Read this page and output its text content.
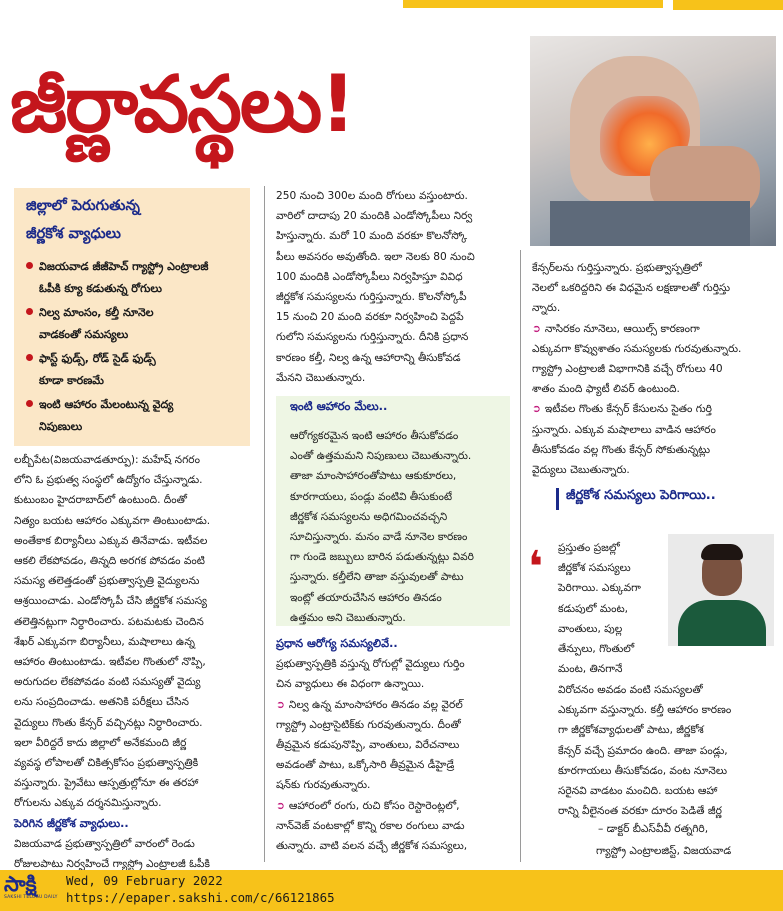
జీర్ణావస్థలు!
జిల్లాలో పెరుగుతున్న
జీర్ణకోశ వ్యాధులు
విజయవాడ జీజీహెచ్ గ్యాస్ట్రో ఎంట్రాలజీ
ఓపీకి క్యూ కడుతున్న రోగులు
నిల్వ మాంసం, కల్తీ నూనెల
వాడకంతో సమస్యలు
ఫాస్ట్ ఫుడ్స్, రోడ్ సైడ్ ఫుడ్స్
కూడా కారణమే
ఇంటి ఆహారం మేలంటున్న వైద్య
నిపుణులు

లబ్బీపేట(విజయవాడతూర్పు): మహేష్ నగరం

లోని ఓ ప్రభుత్వ సంస్థలో ఉద్యోగం చేస్తున్నాడు.

కుటుంబం హైదరాబాద్‌లో ఉంటుంది. దీంతో

నిత్యం బయట ఆహారం ఎక్కువగా తింటుంటాడు.

అంతేకాక బిర్యానీలు ఎక్కువ తినేవాడు. ఇటీవల

ఆకలి లేకపోవడం, తిన్నది అరగక పోవడం వంటి

సమస్య తలెత్తడంతో ప్రభుత్వాస్పత్రి వైద్యులను

ఆశ్రయించాడు. ఎండోస్కోపీ చేసి జీర్ణకోశ సమస్య

తలెత్తినట్లుగా నిర్ధారించారు. పటమటకు చెందిన

శేఖర్ ఎక్కువగా బిర్యానీలు, మషాలాలు ఉన్న

ఆహారం తింటుంటాడు. ఇటీవల గొంతులో నొప్పి,

అరుగుదల లేకపోవడం వంటి సమస్యతో వైద్యు

లను సంప్రదించాడు. అతనికి పరీక్షలు చేసిన

వైద్యులు గొంతు కేన్సర్ వచ్చినట్లు నిర్ధారించారు.

ఇలా వీరిద్దరే కాదు జిల్లాలో అనేకమంది జీర్ణ

వ్యవస్థ లోపాలతో చికిత్సకోసం ప్రభుత్వాస్పత్రికి

వస్తున్నారు. ప్రైవేటు ఆస్పత్రుల్లోనూ ఈ తరహా

రోగులను ఎక్కువ దర్శనమిస్తున్నారు.

పెరిగిన జీర్ణకోశ వ్యాధులు..

విజయవాడ ప్రభుత్వాస్పత్రిలో వారంలో రెండు

రోజులపాటు నిర్వహించే గ్యాస్ట్రో ఎంట్రాలజీ ఓపీకి

250 నుంచి 300ల మంది రోగులు వస్తుంటారు.

వారిలో దాదాపు 20 మందికి ఎండోస్కోపీలు నిర్వ

హిస్తున్నారు. మరో 10 మంది వరకూ కొలనోస్కో

పీలు అవసరం అవుతోంది. ఇలా నెలకు 80 నుంచి

100 మందికి ఎండోస్కోపీలు నిర్వహిస్తూ వివిధ

జీర్ణకోశ సమస్యలను గుర్తిస్తున్నారు. కొలనోస్కోపీ

15 నుంచి 20 మంది వరకూ నిర్వహించి పెద్దపే

గులోని సమస్యలను గుర్తిస్తున్నారు. దీనికి ప్రధాన

కారణం కల్తీ, నిల్వ ఉన్న ఆహారాన్ని తీసుకోవడ

మేనని చెబుతున్నారు.

ఇంటి ఆహారం మేలు..
ఆరోగ్యకరమైన ఇంటి ఆహారం తీసుకోవడం
ఎంతో ఉత్తమమని నిపుణులు చెబుతున్నారు.
తాజా మాంసాహారంతోపాటు ఆకుకూరలు,
కూరగాయలు, పండ్లు వంటివి తీసుకుంటే
జీర్ణకోశ సమస్యలను అధిగమించవచ్చని
సూచిస్తున్నారు. మనం వాడే నూనెల కారణం
గా గుండె జబ్బులు బారిన పడుతున్నట్లు వివరి
స్తున్నారు. కల్తీలేని తాజా వస్తువులతో పాటు
ఇంట్లో తయారుచేసిన ఆహారం తినడం
ఉత్తమం అని చెబుతున్నారు.

ప్రధాన ఆరోగ్య సమస్యలివే..

ప్రభుత్వాస్పత్రికి వస్తున్న రోగుల్లో వైద్యులు గుర్తిం

చిన వ్యాధులు ఈ విధంగా ఉన్నాయి.

➲ నిల్వ ఉన్న మాంసాహారం తినడం వల్ల వైరల్

గ్యాస్ట్రో ఎంట్రాసైటిక్‌కు గురవుతున్నారు. దీంతో

తీవ్రమైన కడుపునొప్పి, వాంతులు, విరేచనాలు

అవడంతో పాటు, ఒక్కోసారి తీవ్రమైన డీహైడ్రే

షన్‌కు గురవుతున్నారు.

➲ ఆహారంలో రంగు, రుచి కోసం రెస్టారెంట్లలో,

నాన్‌వెజ్ వంటకాల్లో కొన్ని రకాల రంగులు వాడు

తున్నారు. వాటి వలన వచ్చే జీర్ణకోశ సమస్యలు,

కేన్సర్‌లను గుర్తిస్తున్నారు. ప్రభుత్వాస్పత్రిలో

నెలలో ఒకరిద్దరిని ఈ విధమైన లక్షణాలతో గుర్తిస్తు

న్నారు.

➲ నాసిరకం నూనెలు, ఆయిల్స్ కారణంగా

ఎక్కువగా కొవ్వుశాతం సమస్యలకు గురవుతున్నారు.

గ్యాస్ట్రో ఎంట్రాలజీ విభాగానికి వచ్చే రోగులు 40

శాతం మంది ఫ్యాటీ లివర్ ఉంటుంది.

➲ ఇటీవల గొంతు కేన్సర్ కేసులను సైతం గుర్తి

స్తున్నారు. ఎక్కువ మషాలాలు వాడిన ఆహారం

తీసుకోవడం వల్ల గొంతు కేన్సర్ సోకుతున్నట్లు

వైద్యులు చెబుతున్నారు.

జీర్ణకోశ సమస్యలు పెరిగాయి..
❛	ప్రస్తుతం ప్రజల్లో

జీర్ణకోశ సమస్యలు

పెరిగాయి. ఎక్కువగా

కడుపులో మంట,

వాంతులు, పుల్ల

తేన్పులు, గొంతులో

మంట, తినగానే

విరోచనం అవడం వంటి సమస్యలతో

ఎక్కువగా వస్తున్నారు. కల్తీ ఆహారం కారణం

గా జీర్ణకోశవ్యాధులతో పాటు, జీర్ణకోశ

కేన్సర్ వచ్చే ప్రమాదం ఉంది. తాజా పండ్లు,

కూరగాయలు తీసుకోవడం, వంట నూనెలు

సరైనవి వాడటం మంచిది. బయట ఆహా

రాన్ని వీలైనంత వరకూ దూరం పెడితే జీర్ణ

– డాక్టర్ బీఎస్‌వీవీ రత్నగిరి,
గ్యాస్ట్రో ఎంట్రాలజిస్ట్, విజయవాడ
సాక్షి
SAKSHI TELUGU DAILY
Wed, 09 February 2022
https://epaper.sakshi.com/c/66121865
